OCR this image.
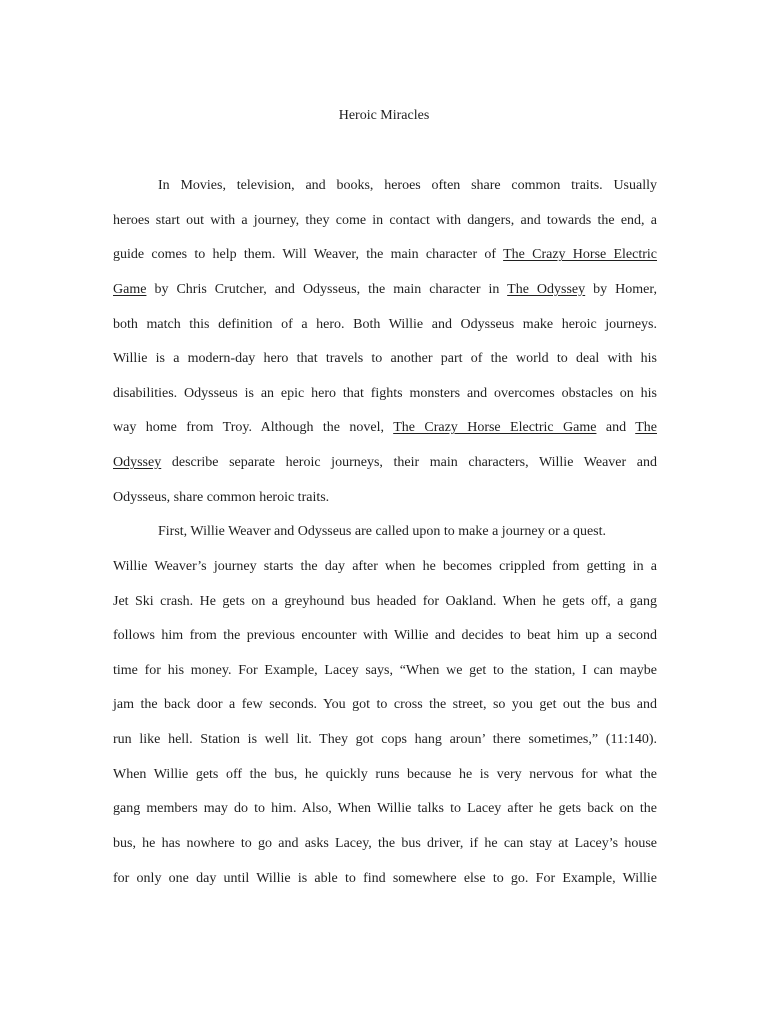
Heroic Miracles
In Movies, television, and books, heroes often share common traits. Usually
heroes start out with a journey, they come in contact with dangers, and towards the end, a
guide comes to help them. Will Weaver, the main character of The Crazy Horse Electric
Game by Chris Crutcher, and Odysseus, the main character in The Odyssey by Homer,
both match this definition of a hero. Both Willie and Odysseus make heroic journeys.
Willie is a modern-day hero that travels to another part of the world to deal with his
disabilities. Odysseus is an epic hero that fights monsters and overcomes obstacles on his
way home from Troy. Although the novel, The Crazy Horse Electric Game and The
Odyssey describe separate heroic journeys, their main characters, Willie Weaver and
Odysseus, share common heroic traits.
First, Willie Weaver and Odysseus are called upon to make a journey or a quest.
Willie Weaver’s journey starts the day after when he becomes crippled from getting in a
Jet Ski crash. He gets on a greyhound bus headed for Oakland. When he gets off, a gang
follows him from the previous encounter with Willie and decides to beat him up a second
time for his money. For Example, Lacey says, “When we get to the station, I can maybe
jam the back door a few seconds. You got to cross the street, so you get out the bus and
run like hell. Station is well lit. They got cops hang aroun’ there sometimes,” (11:140).
When Willie gets off the bus, he quickly runs because he is very nervous for what the
gang members may do to him. Also, When Willie talks to Lacey after he gets back on the
bus, he has nowhere to go and asks Lacey, the bus driver, if he can stay at Lacey’s house
for only one day until Willie is able to find somewhere else to go. For Example, Willie
